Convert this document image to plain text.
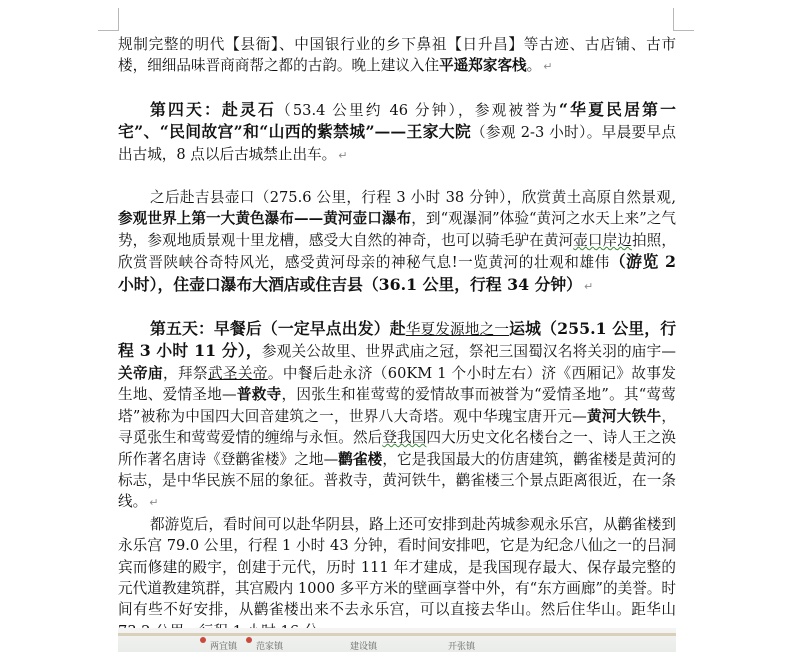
规制完整的明代【县衙】、中国银行业的乡下鼻祖【日升昌】等古迹、古店铺、古市楼，细细品味晋商商帮之都的古韵。晚上建议入住平遥郑家客栈。 ↵

第四天：赴灵石（53.4 公里约 46 分钟），参观被誉为“华夏民居第一宅”、“民间故宫”和“山西的紫禁城”——王家大院（参观 2-3 小时）。早晨要早点出古城，8 点以后古城禁止出车。 ↵

之后赴吉县壶口（275.6 公里，行程 3 小时 38 分钟），欣赏黄土高原自然景观,参观世界上第一大黄色瀑布——黄河壶口瀑布，到“观瀑洞”体验“黄河之水天上来”之气势，参观地质景观十里龙槽，感受大自然的神奇，也可以骑毛驴在黄河壶口岸边拍照，欣赏晋陕峡谷奇特风光，感受黄河母亲的神秘气息!一览黄河的壮观和雄伟（游览 2 小时），住壶口瀑布大酒店或住吉县（36.1 公里，行程 34 分钟） ↵

第五天：早餐后（一定早点出发）赴华夏发源地之一运城（255.1 公里，行程 3 小时 11 分），参观关公故里、世界武庙之冠，祭祀三国蜀汉名将关羽的庙宇—关帝庙，拜祭武圣关帝。中餐后赴永济（60KM 1 个小时左右）济《西厢记》故事发生地、爱情圣地—普救寺，因张生和崔莺莺的爱情故事而被誉为“爱情圣地”。其“莺莺塔”被称为中国四大回音建筑之一，世界八大奇塔。观中华瑰宝唐开元—黄河大铁牛，寻觅张生和莺莺爱情的缠绵与永恒。然后登我国四大历史文化名楼台之一、诗人王之涣所作著名唐诗《登鹳雀楼》之地—鹳雀楼，它是我国最大的仿唐建筑，鹳雀楼是黄河的标志，是中华民族不屈的象征。普救寺，黄河铁牛，鹳雀楼三个景点距离很近，在一条线。 ↵

都游览后，看时间可以赴华阴县，路上还可安排到赴芮城参观永乐宫，从鹳雀楼到永乐宫 79.0 公里，行程 1 小时 43 分钟，看时间安排吧，它是为纪念八仙之一的吕洞宾而修建的殿宇，创建于元代，历时 111 年才建成，是我国现存最大、保存最完整的元代道教建筑群，其宫殿内 1000 多平方米的壁画享誉中外，有“东方画廊”的美誉。时间有些不好安排，从鹳雀楼出来不去永乐宫，可以直接去华山。然后住华山。距华山

两宜镇 范家镇	建设镇	开张镇
